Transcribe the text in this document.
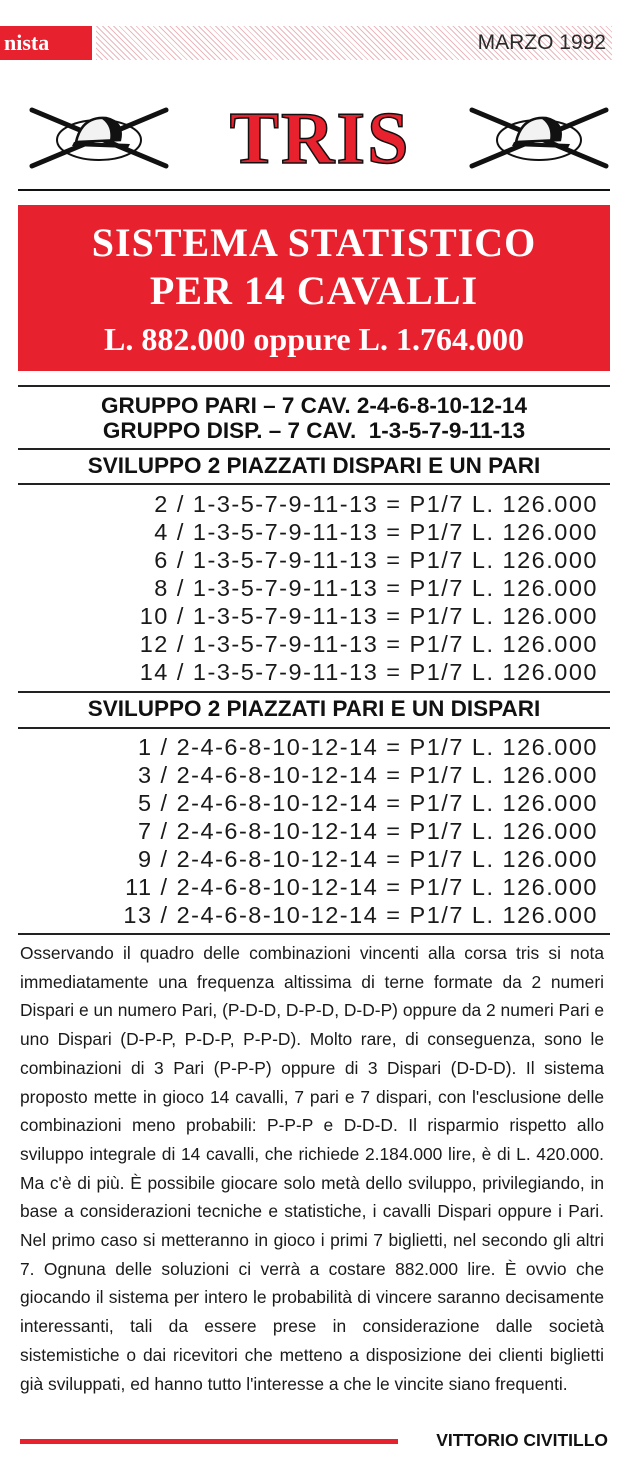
nista	MARZO 1992
TRIS
SISTEMA STATISTICO
PER 14 CAVALLI
L. 882.000 oppure L. 1.764.000
GRUPPO PARI – 7 CAV. 2-4-6-8-10-12-14
GRUPPO DISP. – 7 CAV.  1-3-5-7-9-11-13
SVILUPPO 2 PIAZZATI DISPARI E UN PARI
2 / 1-3-5-7-9-11-13 = P1/7 L. 126.000
4 / 1-3-5-7-9-11-13 = P1/7 L. 126.000
6 / 1-3-5-7-9-11-13 = P1/7 L. 126.000
8 / 1-3-5-7-9-11-13 = P1/7 L. 126.000
10 / 1-3-5-7-9-11-13 = P1/7 L. 126.000
12 / 1-3-5-7-9-11-13 = P1/7 L. 126.000
14 / 1-3-5-7-9-11-13 = P1/7 L. 126.000
SVILUPPO 2 PIAZZATI PARI E UN DISPARI
1 / 2-4-6-8-10-12-14 = P1/7 L. 126.000
3 / 2-4-6-8-10-12-14 = P1/7 L. 126.000
5 / 2-4-6-8-10-12-14 = P1/7 L. 126.000
7 / 2-4-6-8-10-12-14 = P1/7 L. 126.000
9 / 2-4-6-8-10-12-14 = P1/7 L. 126.000
11 / 2-4-6-8-10-12-14 = P1/7 L. 126.000
13 / 2-4-6-8-10-12-14 = P1/7 L. 126.000
Osservando il quadro delle combinazioni vincenti alla corsa tris si nota immediatamente una frequenza altissima di terne formate da 2 numeri Dispari e un numero Pari, (P-D-D, D-P-D, D-D-P) oppure da 2 numeri Pari e uno Dispari (D-P-P, P-D-P, P-P-D). Molto rare, di conseguenza, sono le combinazioni di 3 Pari (P-P-P) oppure di 3 Dispari (D-D-D). Il sistema proposto mette in gioco 14 cavalli, 7 pari e 7 dispari, con l'esclusione delle combinazioni meno probabili: P-P-P e D-D-D. Il risparmio rispetto allo sviluppo integrale di 14 cavalli, che richiede 2.184.000 lire, è di L. 420.000. Ma c'è di più. È possibile giocare solo metà dello sviluppo, privilegiando, in base a considerazioni tecniche e statistiche, i cavalli Dispari oppure i Pari. Nel primo caso si metteranno in gioco i primi 7 biglietti, nel secondo gli altri 7. Ognuna delle soluzioni ci verrà a costare 882.000 lire. È ovvio che giocando il sistema per intero le probabilità di vincere saranno decisamente interessanti, tali da essere prese in considerazione dalle società sistemistiche o dai ricevitori che metteno a disposizione dei clienti biglietti già sviluppati, ed hanno tutto l'interesse a che le vincite siano frequenti.
VITTORIO CIVITILLO
